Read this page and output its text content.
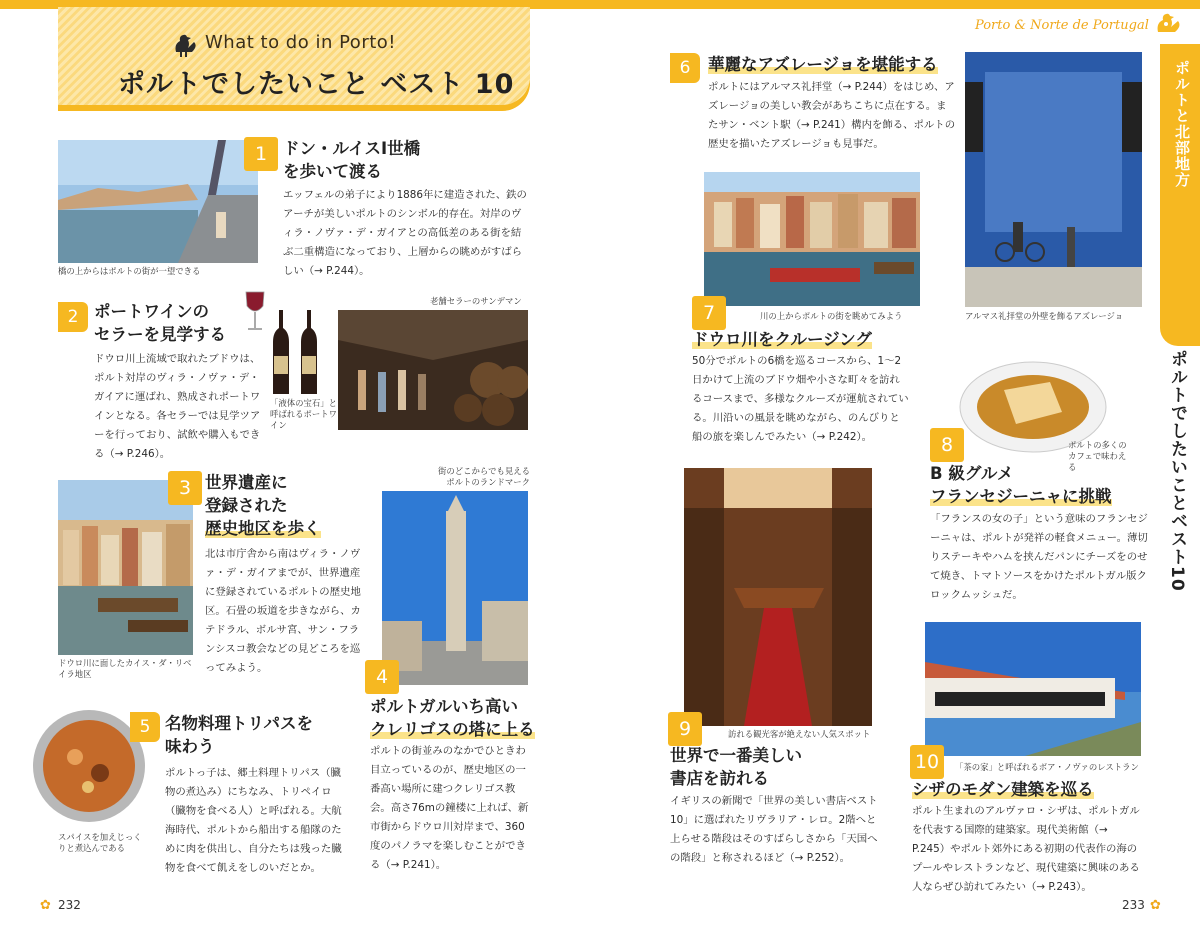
What to do in Porto!
ポルトでしたいこと ベスト 10
Porto & Norte de Portugal
ポルトと北部地方
ポルトでしたいことベスト10
橋の上からはポルトの街が一望できる
1 ドン・ルイスⅠ世橋
を歩いて渡る
エッフェルの弟子により1886年に建造された、鉄のアーチが美しいポルトのシンボル的存在。対岸のヴィラ・ノヴァ・デ・ガイアとの高低差のある街を結ぶ二重構造になっており、上層からの眺めがすばらしい（→ P.244）。
2 ポートワインの
セラーを見学する
ドウロ川上流域で取れたブドウは、ポルト対岸のヴィラ・ノヴァ・デ・ガイアに運ばれ、熟成されポートワインとなる。各セラーでは見学ツアーを行っており、試飲や購入もできる（→ P.246）。
「液体の宝石」と呼ばれるポートワイン
老舗セラーのサンデマン
ドウロ川に面したカイス・ダ・リベイラ地区
3 世界遺産に
登録された
歴史地区を歩く
北は市庁舎から南はヴィラ・ノヴァ・デ・ガイアまでが、世界遺産に登録されているポルトの歴史地区。石畳の坂道を歩きながら、カテドラル、ボルサ宮、サン・フランシスコ教会などの見どころを巡ってみよう。
街のどこからでも見えるポルトのランドマーク
4
ポルトガルいち高い
クレリゴスの塔に上る
ポルトの街並みのなかでひときわ目立っているのが、歴史地区の一番高い場所に建つクレリゴス教会。高さ76mの鐘楼に上れば、新市街からドウロ川対岸まで、360度のパノラマを楽しむことができる（→ P.241）。
スパイスを加えじっくりと煮込んである
5 名物料理トリパスを
味わう
ポルトっ子は、郷土料理トリパス（臓物の煮込み）にちなみ、トリペイロ（臓物を食べる人）と呼ばれる。大航海時代、ポルトから船出する船隊のために肉を供出し、自分たちは残った臓物を食べて飢えをしのいだとか。
6	華麗なアズレージョを堪能する
ポルトにはアルマス礼拝堂（→ P.244）をはじめ、アズレージョの美しい教会があちこちに点在する。またサン・ベント駅（→ P.241）構内を飾る、ポルトの歴史を描いたアズレージョも見事だ。
アルマス礼拝堂の外壁を飾るアズレージョ
川の上からポルトの街を眺めてみよう
7
ドウロ川をクルージング
50分でポルトの6橋を巡るコースから、1〜2日かけて上流のブドウ畑や小さな町々を訪れるコースまで、多様なクルーズが運航されている。川沿いの風景を眺めながら、のんびりと船の旅を楽しんでみたい（→ P.242）。
ポルトの多くのカフェで味わえる
8
B 級グルメ
フランセジーニャに挑戦
「フランスの女の子」という意味のフランセジーニャは、ポルトが発祥の軽食メニュー。薄切りステーキやハムを挟んだパンにチーズをのせて焼き、トマトソースをかけたポルトガル版クロックムッシュだ。
訪れる観光客が絶えない人気スポット
9
世界で一番美しい
書店を訪れる
イギリスの新聞で「世界の美しい書店ベスト10」に選ばれたリヴラリア・レロ。2階へと上らせる階段はそのすばらしさから「天国への階段」と称されるほど（→ P.252）。
「茶の家」と呼ばれるボア・ノヴァのレストラン
10
シザのモダン建築を巡る
ポルト生まれのアルヴァロ・シザは、ポルトガルを代表する国際的建築家。現代美術館（→ P.245）やポルト郊外にある初期の代表作の海のプールやレストランなど、現代建築に興味のある人ならぜひ訪れてみたい（→ P.243）。
✿ 232	233 ✿
